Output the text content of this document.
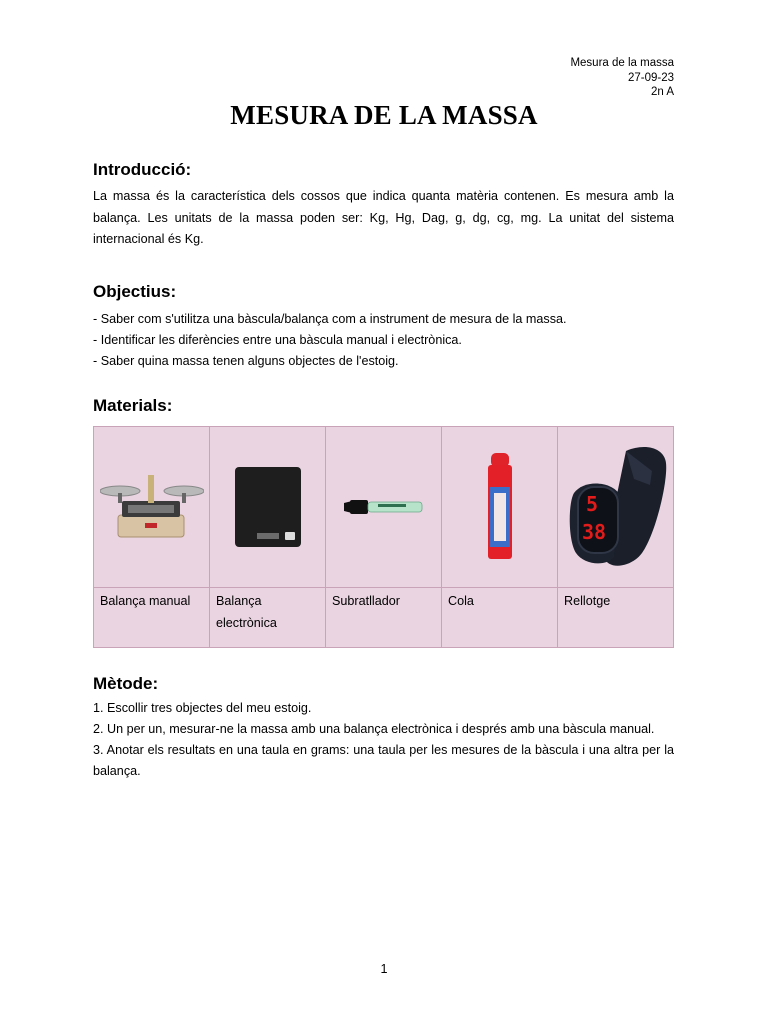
Mesura de la massa
27-09-23
2n A
MESURA DE LA MASSA
Introducció:
La massa és la característica dels cossos que indica quanta matèria contenen. Es mesura amb la balança. Les unitats de la massa poden ser: Kg, Hg, Dag, g, dg, cg, mg. La unitat del sistema internacional és Kg.
Objectius:
- Saber com s'utilitza una bàscula/balança com a instrument de mesura de la massa.
- Identificar les diferències entre una bàscula manual i electrònica.
- Saber quina massa tenen alguns objectes de l'estoig.
Materials:

5
38

Balança manual	Balança electrònica	Subratllador	Cola	Rellotge
Mètode:
1. Escollir tres objectes del meu estoig.
2. Un per un, mesurar-ne la massa amb una balança electrònica i després amb una bàscula manual.
3. Anotar els resultats en una taula en grams: una taula per les mesures de la bàscula i una altra per la balança.
1
